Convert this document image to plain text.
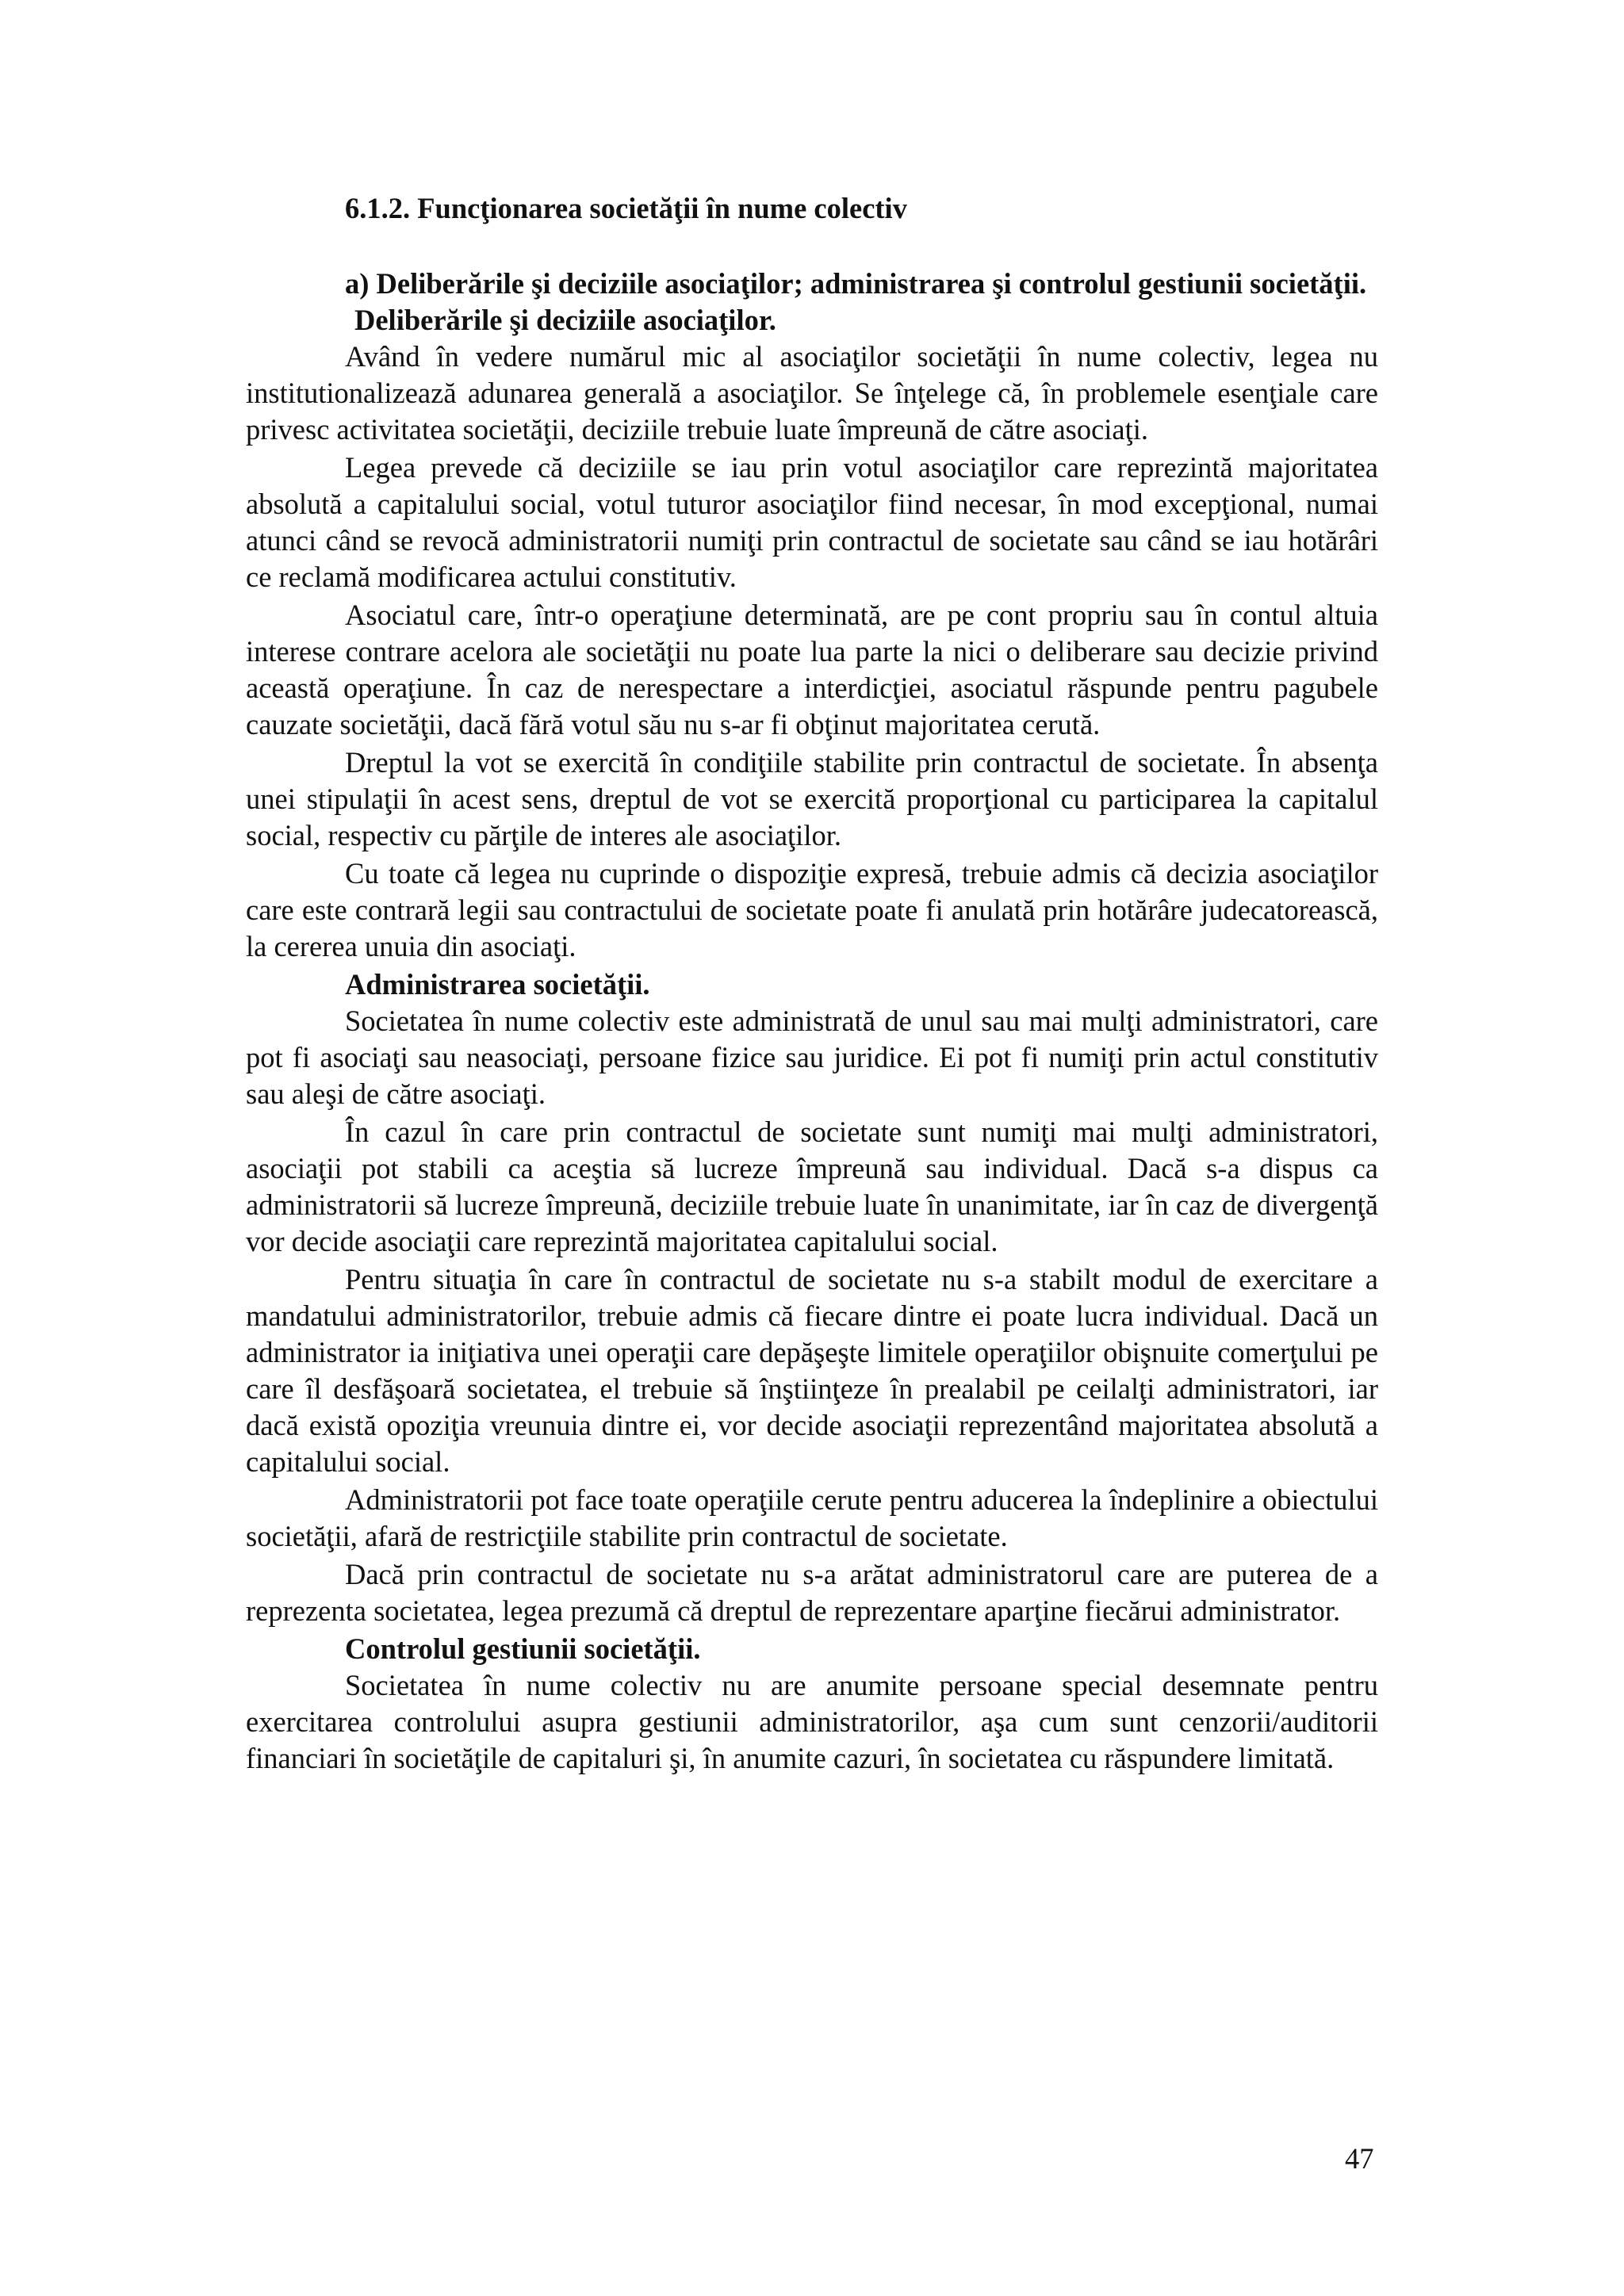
6.1.2. Funcţionarea societăţii în nume colectiv

a) Deliberările şi deciziile asociaţilor; administrarea şi controlul gestiunii societăţii.

Deliberările şi deciziile asociaţilor.

Având în vedere numărul mic al asociaţilor societăţii în nume colectiv, legea nu institutionalizează adunarea generală a asociaţilor. Se înţelege că, în problemele esenţiale care privesc activitatea societăţii, deciziile trebuie luate împreună de către asociaţi.

Legea prevede că deciziile se iau prin votul asociaţilor care reprezintă majoritatea absolută a capitalului social, votul tuturor asociaţilor fiind necesar, în mod excepţional, numai atunci când se revocă administratorii numiţi prin contractul de societate sau când se iau hotărâri ce reclamă modificarea actului constitutiv.

Asociatul care, într-o operaţiune determinată, are pe cont propriu sau în contul altuia interese contrare acelora ale societăţii nu poate lua parte la nici o deliberare sau decizie privind această operaţiune. În caz de nerespectare a interdicţiei, asociatul răspunde pentru pagubele cauzate societăţii, dacă fără votul său nu s-ar fi obţinut majoritatea cerută.

Dreptul la vot se exercită în condiţiile stabilite prin contractul de societate. În absenţa unei stipulaţii în acest sens, dreptul de vot se exercită proporţional cu participarea la capitalul social, respectiv cu părţile de interes ale asociaţilor.

Cu toate că legea nu cuprinde o dispoziţie expresă, trebuie admis că decizia asociaţilor care este contrară legii sau contractului de societate poate fi anulată prin hotărâre judecatorească, la cererea unuia din asociaţi.

Administrarea societăţii.

Societatea în nume colectiv este administrată de unul sau mai mulţi administratori, care pot fi asociaţi sau neasociaţi, persoane fizice sau juridice. Ei pot fi numiţi prin actul constitutiv sau aleşi de către asociaţi.

În cazul în care prin contractul de societate sunt numiţi mai mulţi administratori, asociaţii pot stabili ca aceştia să lucreze împreună sau individual. Dacă s-a dispus ca administratorii să lucreze împreună, deciziile trebuie luate în unanimitate, iar în caz de divergenţă vor decide asociaţii care reprezintă majoritatea capitalului social.

Pentru situaţia în care în contractul de societate nu s-a stabilt modul de exercitare a mandatului administratorilor, trebuie admis că fiecare dintre ei poate lucra individual. Dacă un administrator ia iniţiativa unei operaţii care depăşeşte limitele operaţiilor obişnuite comerţului pe care îl desfăşoară societatea, el trebuie să înştiinţeze în prealabil pe ceilalţi administratori, iar dacă există opoziţia vreunuia dintre ei, vor decide asociaţii reprezentând majoritatea absolută a capitalului social.

Administratorii pot face toate operaţiile cerute pentru aducerea la îndeplinire a obiectului societăţii, afară de restricţiile stabilite prin contractul de societate.

Dacă prin contractul de societate nu s-a arătat administratorul care are puterea de a reprezenta societatea, legea prezumă că dreptul de reprezentare aparţine fiecărui administrator.

Controlul gestiunii societăţii.

Societatea în nume colectiv nu are anumite persoane special desemnate pentru exercitarea controlului asupra gestiunii administratorilor, aşa cum sunt cenzorii/auditorii financiari în societăţile de capitaluri şi, în anumite cazuri, în societatea cu răspundere limitată.

47
